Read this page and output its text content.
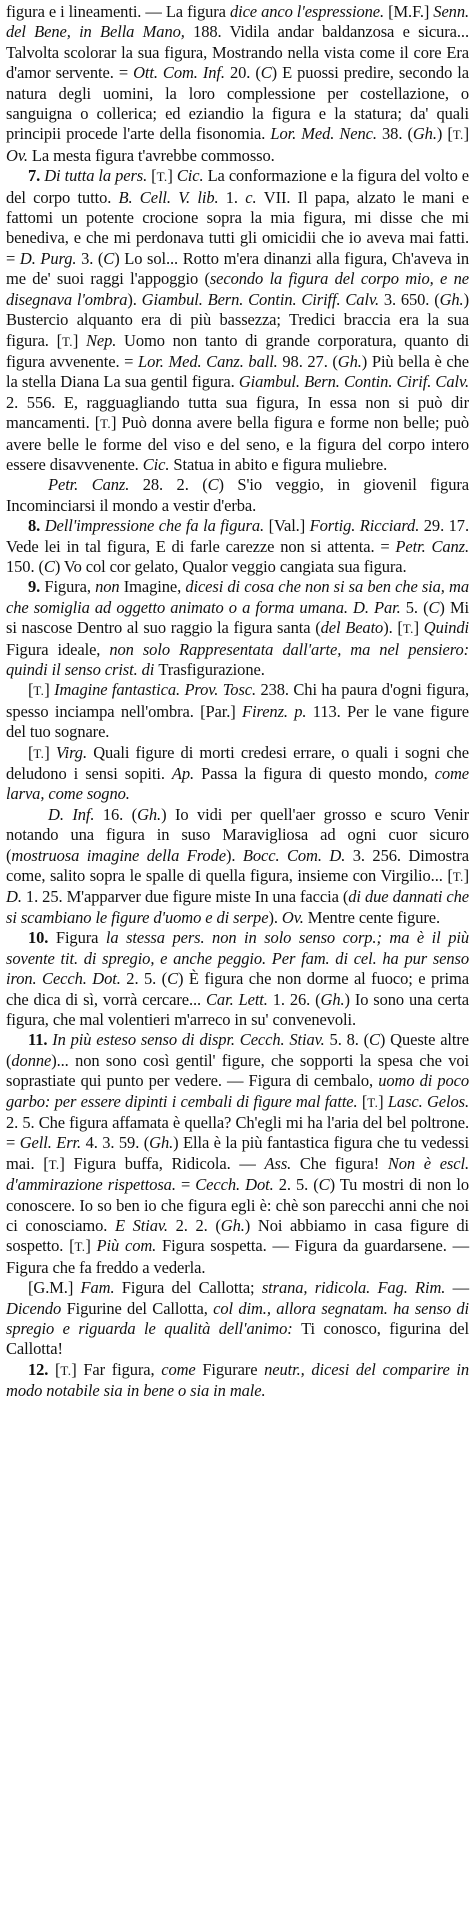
figura e i lineamenti. — La figura dice anco l'espressione. [M.F.] Senn. del Bene, in Bella Mano, 188. Vidila andar baldanzosa e sicura... Talvolta scolorar la sua figura, Mostrando nella vista come il core Era d'amor servente. = Ott. Com. Inf. 20. (C) E puossi predire, secondo la natura degli uomini, la loro complessione per costellazione, o sanguigna o collerica; ed eziandio la figura e la statura; da' quali principii procede l'arte della fisonomia. Lor. Med. Nenc. 38. (Gh.) [T.] Ov. La mesta figura t'avrebbe commosso.

7. Di tutta la pers. [T.] Cic. La conformazione e la figura del volto e del corpo tutto. B. Cell. V. lib. 1. c. VII. Il papa, alzato le mani e fattomi un potente crocione sopra la mia figura, mi disse che mi benediva, e che mi perdonava tutti gli omicidii che io aveva mai fatti. = D. Purg. 3. (C) Lo sol... Rotto m'era dinanzi alla figura, Ch'aveva in me de' suoi raggi l'appoggio (secondo la figura del corpo mio, e ne disegnava l'ombra). Giambul. Bern. Contin. Ciriff. Calv. 3. 650. (Gh.) Bustercio alquanto era di più bassezza; Tredici braccia era la sua figura. [T.] Nep. Uomo non tanto di grande corporatura, quanto di figura avvenente. = Lor. Med. Canz. ball. 98. 27. (Gh.) Più bella è che la stella Diana La sua gentil figura. Giambul. Bern. Contin. Cirif. Calv. 2. 556. E, ragguagliando tutta sua figura, In essa non si può dir mancamenti. [T.] Può donna avere bella figura e forme non belle; può avere belle le forme del viso e del seno, e la figura del corpo intero essere disavvenente. Cic. Statua in abito e figura muliebre.

Petr. Canz. 28. 2. (C) S'io veggio, in giovenil figura Incominciarsi il mondo a vestir d'erba.

8. Dell'impressione che fa la figura. [Val.] Fortig. Ricciard. 29. 17. Vede lei in tal figura, E di farle carezze non si attenta. = Petr. Canz. 150. (C) Vo col cor gelato, Qualor veggio cangiata sua figura.

9. Figura, non Imagine, dicesi di cosa che non si sa ben che sia, ma che somiglia ad oggetto animato o a forma umana. D. Par. 5. (C) Mi si nascose Dentro al suo raggio la figura santa (del Beato). [T.] Quindi Figura ideale, non solo Rappresentata dall'arte, ma nel pensiero: quindi il senso crist. di Trasfigurazione.

[T.] Imagine fantastica. Prov. Tosc. 238. Chi ha paura d'ogni figura, spesso inciampa nell'ombra. [Par.] Firenz. p. 113. Per le vane figure del tuo sognare.

[T.] Virg. Quali figure di morti credesi errare, o quali i sogni che deludono i sensi sopiti. Ap. Passa la figura di questo mondo, come larva, come sogno.

D. Inf. 16. (Gh.) Io vidi per quell'aer grosso e scuro Venir notando una figura in suso Maravigliosa ad ogni cuor sicuro (mostruosa imagine della Frode). Bocc. Com. D. 3. 256. Dimostra come, salito sopra le spalle di quella figura, insieme con Virgilio... [T.] D. 1. 25. M'apparver due figure miste In una faccia (di due dannati che si scambiano le figure d'uomo e di serpe). Ov. Mentre cente figure.

10. Figura la stessa pers. non in solo senso corp.; ma è il più sovente tit. di spregio, e anche peggio. Per fam. di cel. ha pur senso iron. Cecch. Dot. 2. 5. (C) È figura che non dorme al fuoco; e prima che dica di sì, vorrà cercare... Car. Lett. 1. 26. (Gh.) Io sono una certa figura, che mal volentieri m'arreco in su' convenevoli.

11. In più esteso senso di dispr. Cecch. Stiav. 5. 8. (C) Queste altre (donne)... non sono così gentil' figure, che sopporti la spesa che voi soprastiate qui punto per vedere. — Figura di cembalo, uomo di poco garbo: per essere dipinti i cembali di figure mal fatte. [T.] Lasc. Gelos. 2. 5. Che figura affamata è quella? Ch'egli mi ha l'aria del bel poltrone. = Gell. Err. 4. 3. 59. (Gh.) Ella è la più fantastica figura che tu vedessi mai. [T.] Figura buffa, Ridicola. — Ass. Che figura! Non è escl. d'ammirazione rispettosa. = Cecch. Dot. 2. 5. (C) Tu mostri di non lo conoscere. Io so ben io che figura egli è: chè son parecchi anni che noi ci conosciamo. E Stiav. 2. 2. (Gh.) Noi abbiamo in casa figure di sospetto. [T.] Più com. Figura sospetta. — Figura da guardarsene. — Figura che fa freddo a vederla.

[G.M.] Fam. Figura del Callotta; strana, ridicola. Fag. Rim. — Dicendo Figurine del Callotta, col dim., allora segnatam. ha senso di spregio e riguarda le qualità dell'animo: Ti conosco, figurina del Callotta!

12. [T.] Far figura, come Figurare neutr., dicesi del comparire in modo notabile sia in bene o sia in male.
